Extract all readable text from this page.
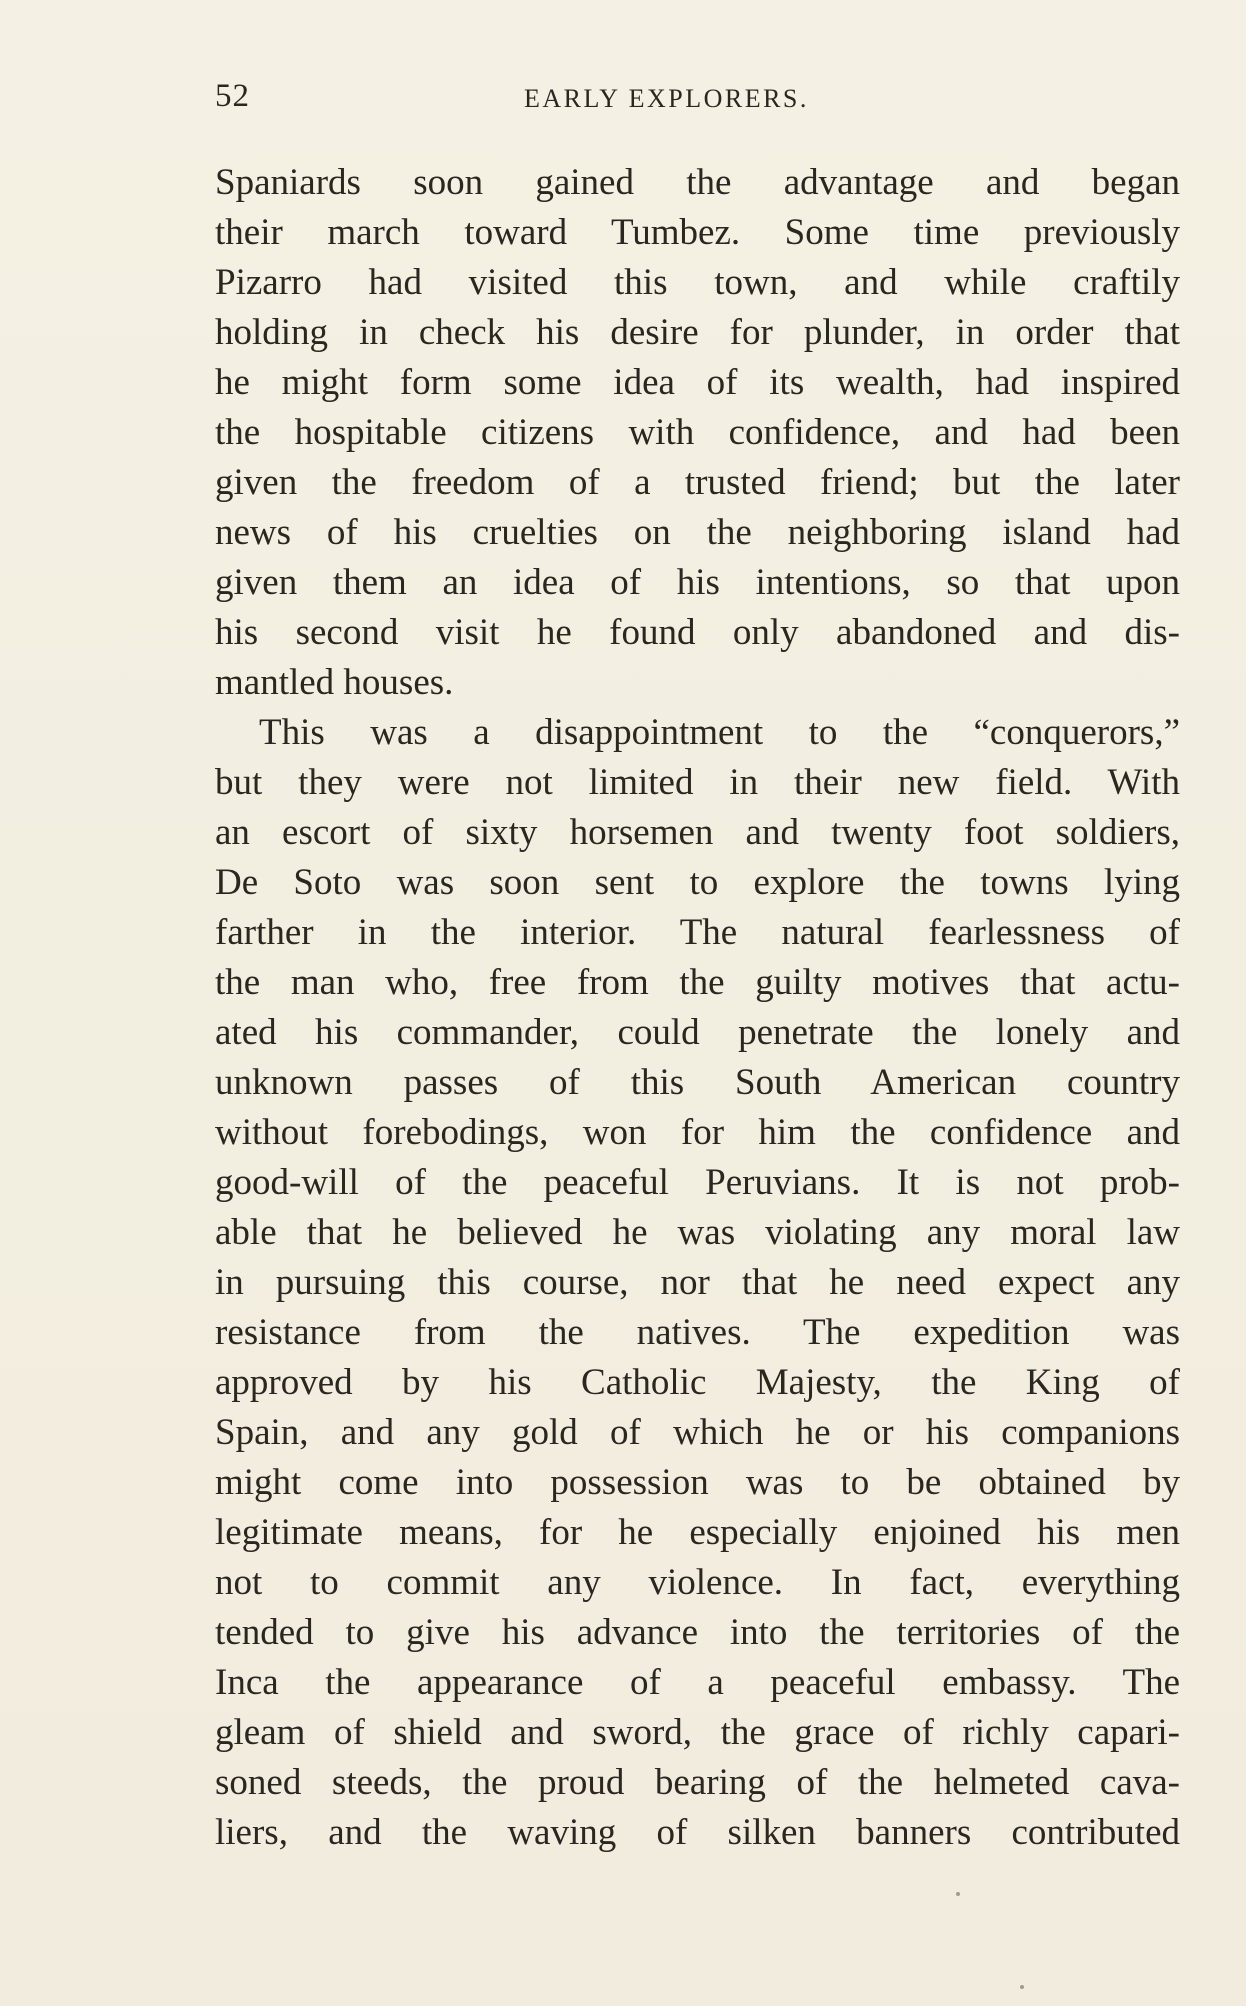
52	EARLY EXPLORERS.
Spaniards soon gained the advantage and began
their march toward Tumbez. Some time previously
Pizarro had visited this town, and while craftily
holding in check his desire for plunder, in order that
he might form some idea of its wealth, had inspired
the hospitable citizens with confidence, and had been
given the freedom of a trusted friend; but the later
news of his cruelties on the neighboring island had
given them an idea of his intentions, so that upon
his second visit he found only abandoned and dis-
mantled houses.
This was a disappointment to the “conquerors,”
but they were not limited in their new field. With
an escort of sixty horsemen and twenty foot soldiers,
De Soto was soon sent to explore the towns lying
farther in the interior. The natural fearlessness of
the man who, free from the guilty motives that actu-
ated his commander, could penetrate the lonely and
unknown passes of this South American country
without forebodings, won for him the confidence and
good-will of the peaceful Peruvians. It is not prob-
able that he believed he was violating any moral law
in pursuing this course, nor that he need expect any
resistance from the natives. The expedition was
approved by his Catholic Majesty, the King of
Spain, and any gold of which he or his companions
might come into possession was to be obtained by
legitimate means, for he especially enjoined his men
not to commit any violence. In fact, everything
tended to give his advance into the territories of the
Inca the appearance of a peaceful embassy. The
gleam of shield and sword, the grace of richly capari-
soned steeds, the proud bearing of the helmeted cava-
liers, and the waving of silken banners contributed
